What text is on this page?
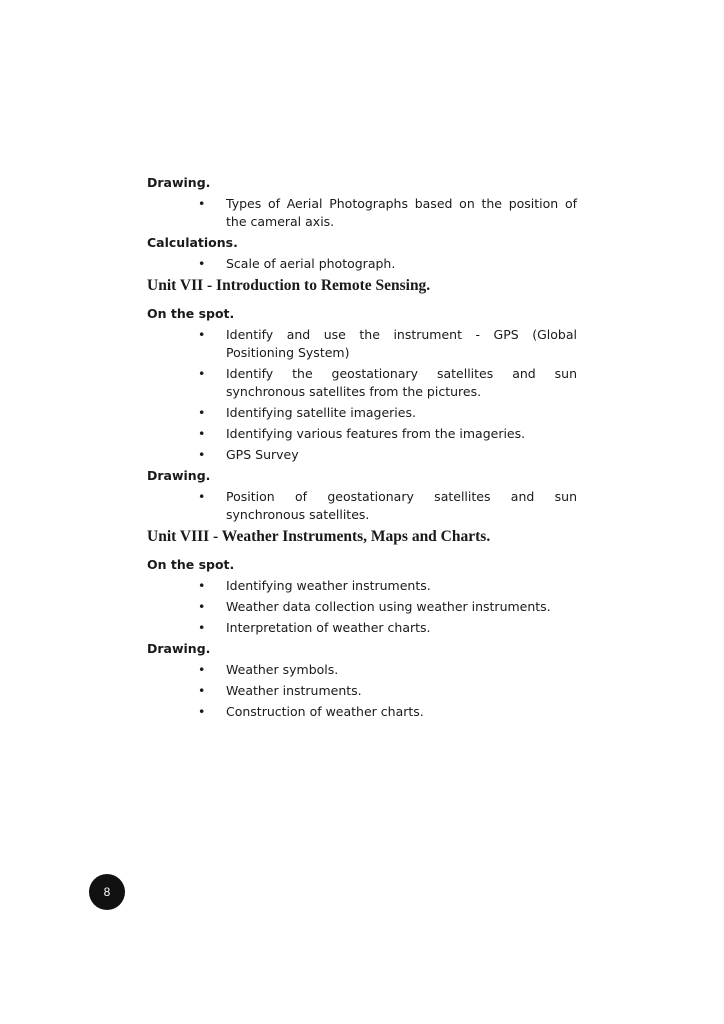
Drawing.

• Types of Aerial Photographs based on the position of the cameral axis.

Calculations.

• Scale of aerial photograph.
Unit VII - Introduction to Remote Sensing.

On the spot.

• Identify and use the instrument - GPS (Global Positioning System)
• Identify the geostationary satellites and sun synchronous satellites from the pictures.
• Identifying satellite imageries.
• Identifying various features from the imageries.
• GPS Survey

Drawing.

• Position of geostationary satellites and sun synchronous satellites.
Unit VIII - Weather Instruments, Maps and Charts.

On the spot.

• Identifying weather instruments.
• Weather data collection using weather instruments.
• Interpretation of weather charts.

Drawing.

• Weather symbols.
• Weather instruments.
• Construction of weather charts.
8
